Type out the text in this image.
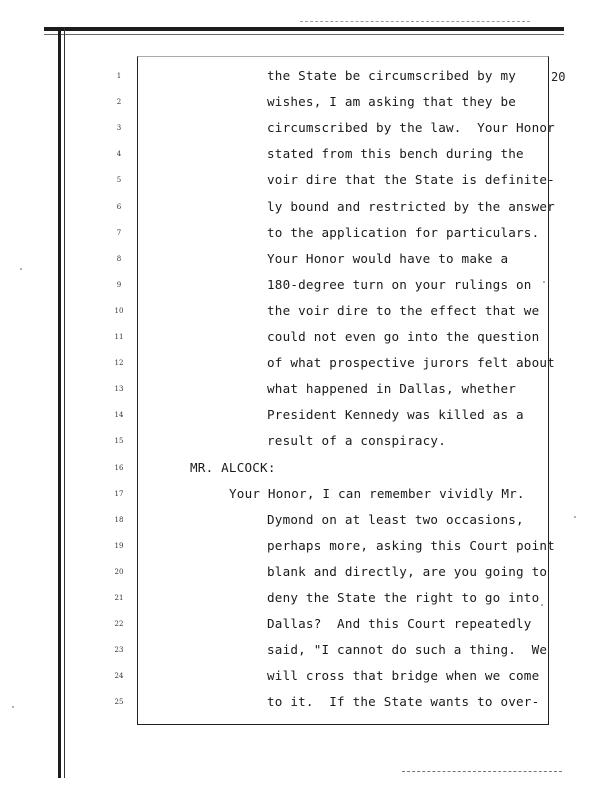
20
1	the State be circumscribed by my
2	wishes, I am asking that they be
3	circumscribed by the law.  Your Honor
4	stated from this bench during the
5	voir dire that the State is definite-
6	ly bound and restricted by the answer
7	to the application for particulars.
8	Your Honor would have to make a
9	180-degree turn on your rulings on
10	the voir dire to the effect that we
11	could not even go into the question
12	of what prospective jurors felt about
13	what happened in Dallas, whether
14	President Kennedy was killed as a
15	result of a conspiracy.
16	MR. ALCOCK:
17	Your Honor, I can remember vividly Mr.
18	Dymond on at least two occasions,
19	perhaps more, asking this Court point
20	blank and directly, are you going to
21	deny the State the right to go into
22	Dallas?  And this Court repeatedly
23	said, "I cannot do such a thing.  We
24	will cross that bridge when we come
25	to it.  If the State wants to over-
